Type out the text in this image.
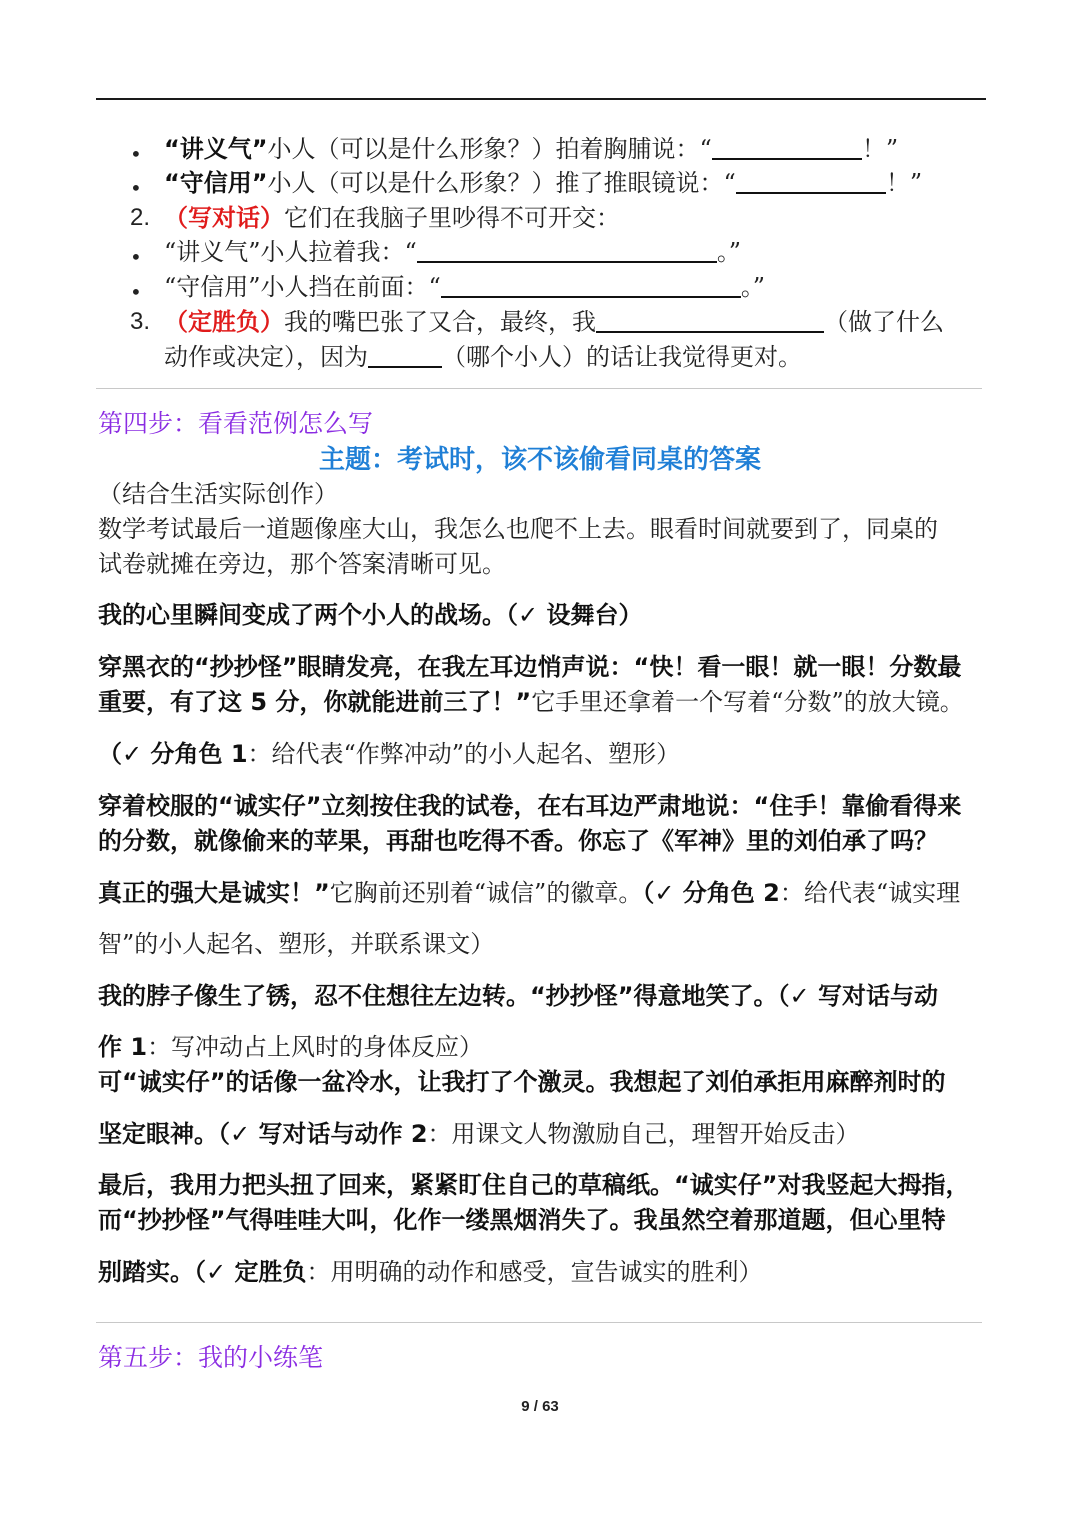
• “讲义气”小人（可以是什么形象？）拍着胸脯说：“	！”
• “守信用”小人（可以是什么形象？）推了推眼镜说：“	！”
2. （写对话）它们在我脑子里吵得不可开交：
• “讲义气”小人拉着我：“	。”
• “守信用”小人挡在前面：“	。”
3. （定胜负）我的嘴巴张了又合，最终，我	（做了什么
动作或决定），因为	（哪个小人）的话让我觉得更对。
第四步：看看范例怎么写
主题：考试时，该不该偷看同桌的答案
（结合生活实际创作）
数学考试最后一道题像座大山，我怎么也爬不上去。眼看时间就要到了，同桌的
试卷就摊在旁边，那个答案清晰可见。
我的心里瞬间变成了两个小人的战场。（✓ 设舞台）
穿黑衣的“抄抄怪”眼睛发亮，在我左耳边悄声说：“快！看一眼！就一眼！分数最
重要，有了这 5 分，你就能进前三了！”它手里还拿着一个写着“分数”的放大镜。
（✓ 分角色 1：给代表“作弊冲动”的小人起名、塑形）
穿着校服的“诚实仔”立刻按住我的试卷，在右耳边严肃地说：“住手！靠偷看得来
的分数，就像偷来的苹果，再甜也吃得不香。你忘了《军神》里的刘伯承了吗？
真正的强大是诚实！”它胸前还别着“诚信”的徽章。（✓ 分角色 2：给代表“诚实理
智”的小人起名、塑形，并联系课文）
我的脖子像生了锈，忍不住想往左边转。“抄抄怪”得意地笑了。（✓ 写对话与动
作 1：写冲动占上风时的身体反应）
可“诚实仔”的话像一盆冷水，让我打了个激灵。我想起了刘伯承拒用麻醉剂时的
坚定眼神。（✓ 写对话与动作 2：用课文人物激励自己，理智开始反击）
最后，我用力把头扭了回来，紧紧盯住自己的草稿纸。“诚实仔”对我竖起大拇指，
而“抄抄怪”气得哇哇大叫，化作一缕黑烟消失了。我虽然空着那道题，但心里特
别踏实。（✓ 定胜负：用明确的动作和感受，宣告诚实的胜利）
第五步：我的小练笔
9 / 63
